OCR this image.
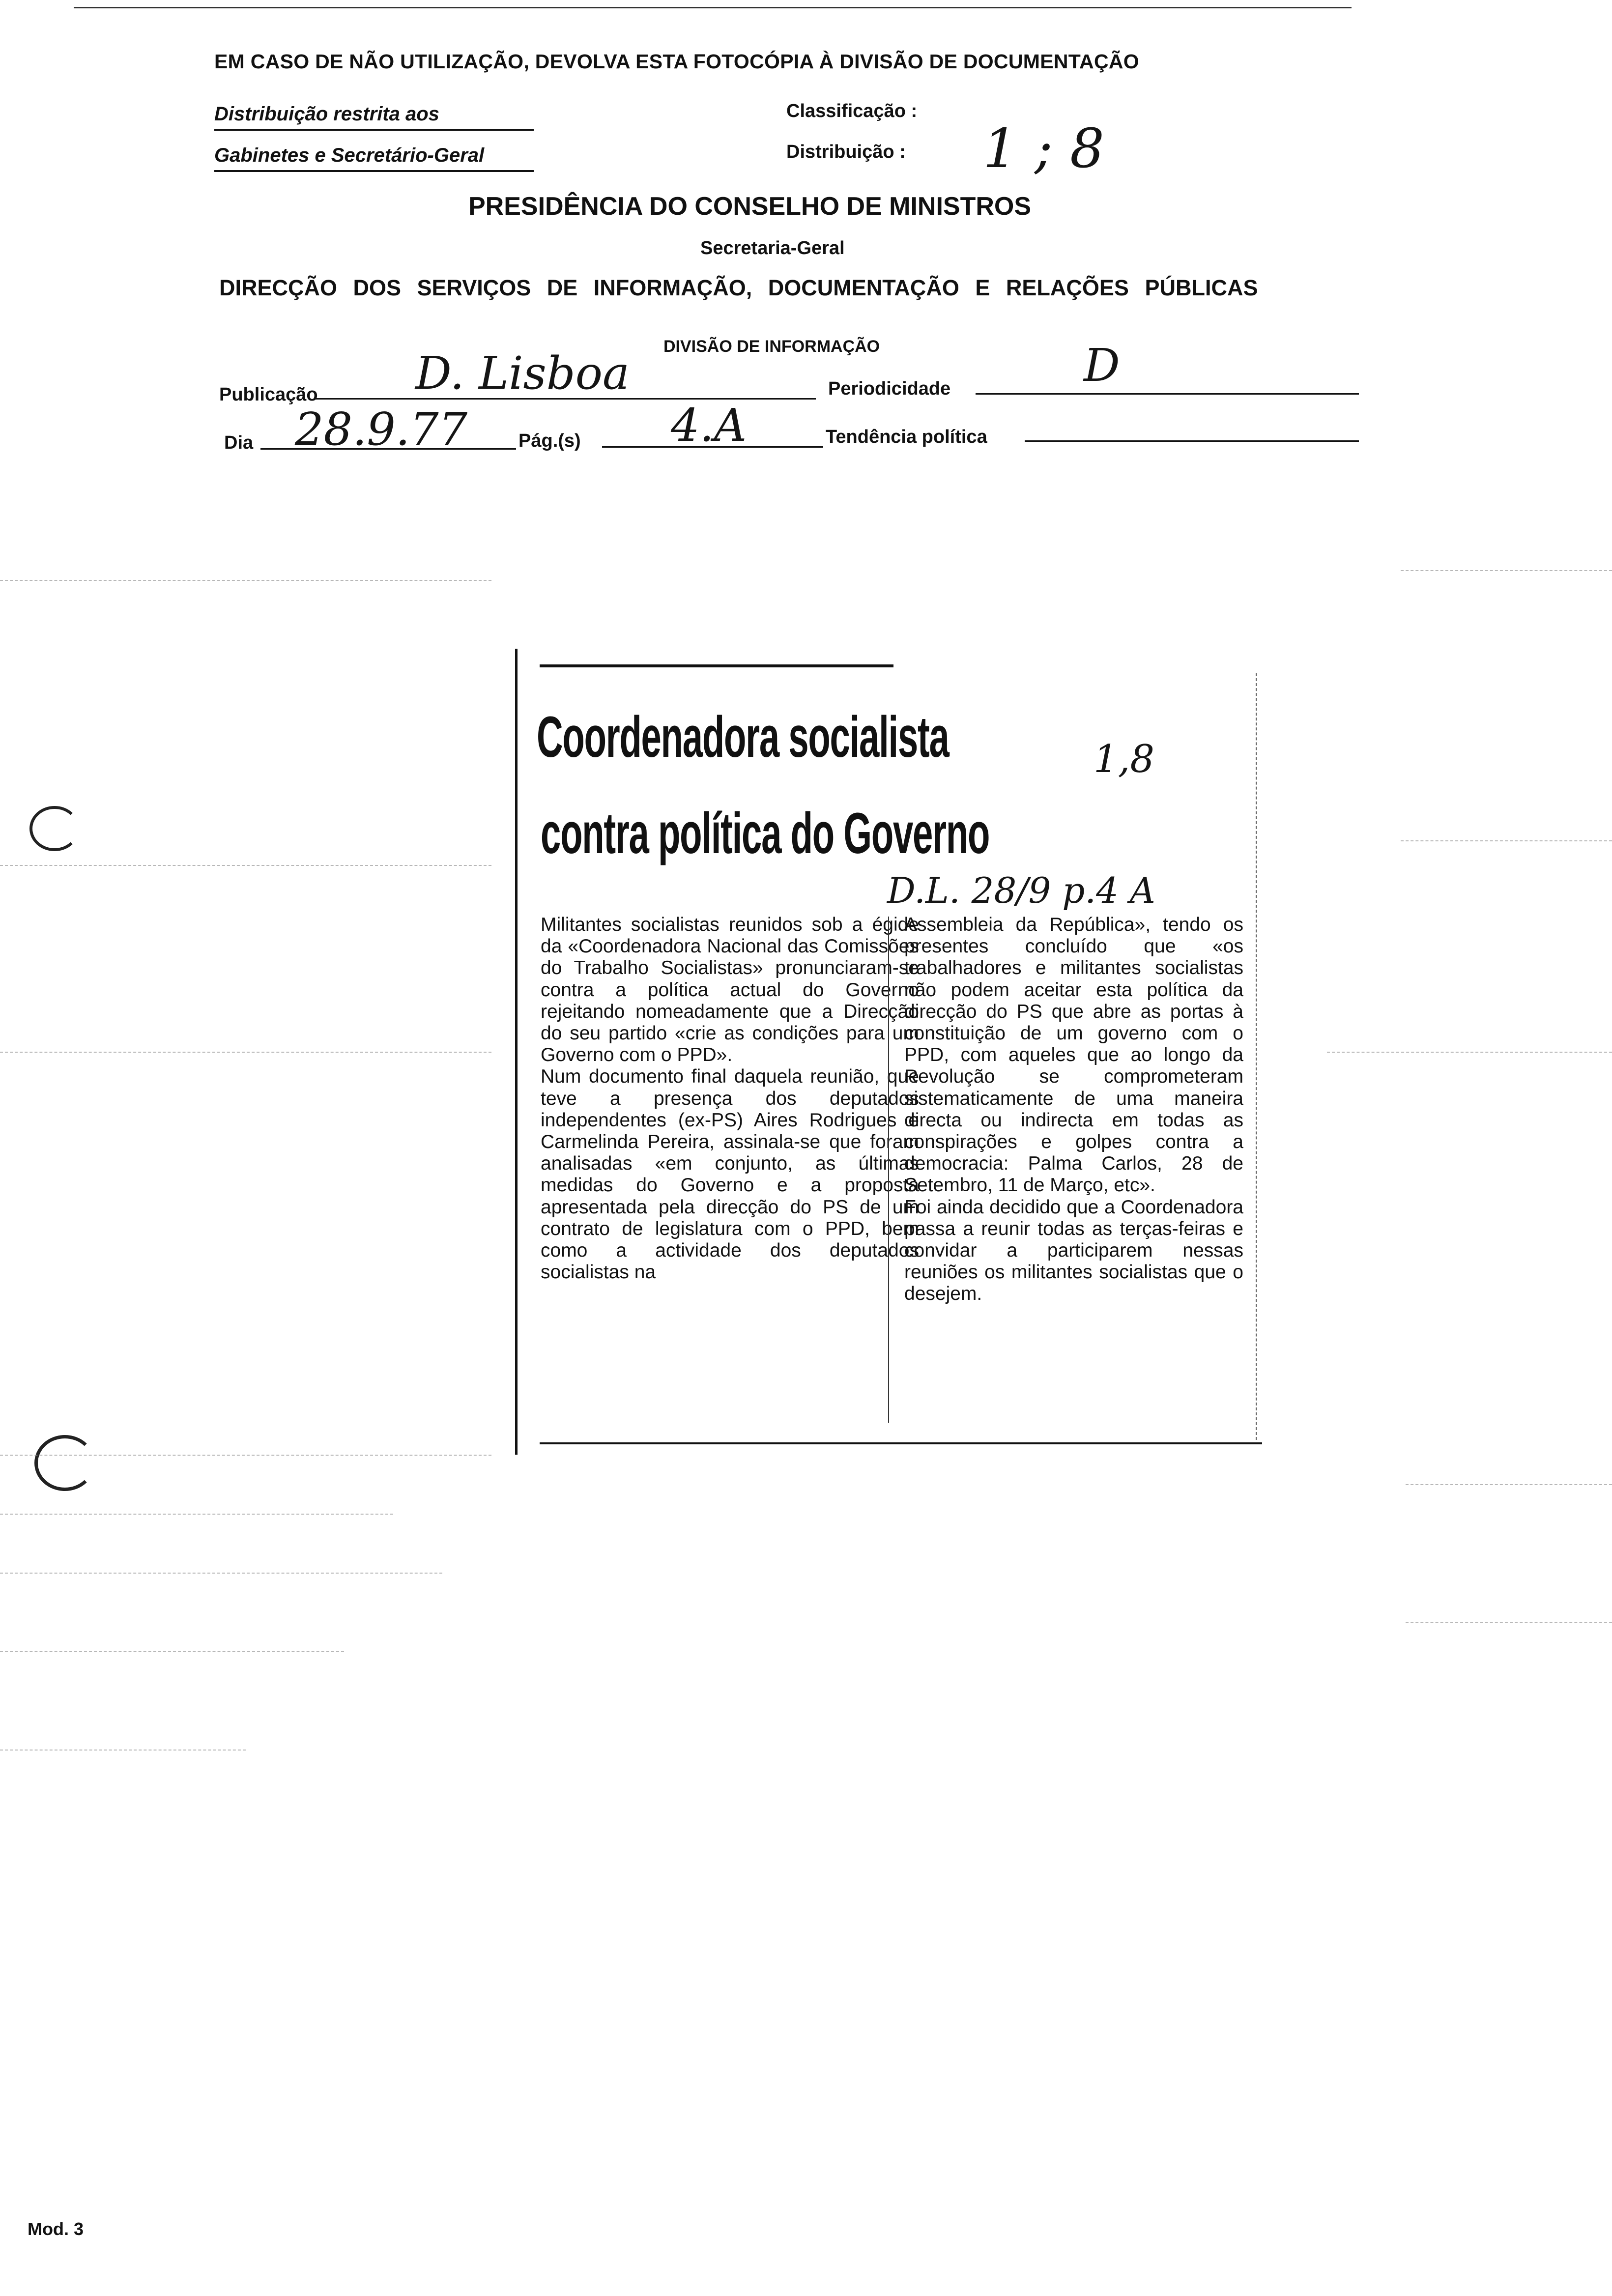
EM CASO DE NÃO UTILIZAÇÃO, DEVOLVA ESTA FOTOCÓPIA À DIVISÃO DE DOCUMENTAÇÃO
Distribuição restrita aos
Gabinetes e Secretário-Geral
Classificação :
Distribuição : 1 ; 8
PRESIDÊNCIA DO CONSELHO DE MINISTROS
Secretaria-Geral
DIRECÇÃO DOS SERVIÇOS DE INFORMAÇÃO, DOCUMENTAÇÃO E RELAÇÕES PÚBLICAS
DIVISÃO DE INFORMAÇÃO
Publicação D. Lisboa	Periodicidade	D
Dia 28.9.77	Pág.(s) 4.A	Tendência política
Coordenadora socialista
contra política do Governo
1,8
D.L. 28/9 p.4 A
Militantes socialistas reunidos sob a égide da «Coordenadora Nacional das Comissões do Trabalho Socialistas» pronunciaram-se contra a política actual do Governo rejeitando nomeadamente que a Direcção do seu partido «crie as condições para um Governo com o PPD».
Num documento final daquela reunião, que teve a presença dos deputados independentes (ex-PS) Aires Rodrigues e Carmelinda Pereira, assinala-se que foram analisadas «em conjunto, as últimas medidas do Governo e a proposta apresentada pela direcção do PS de um contrato de legislatura com o PPD, bem como a actividade dos deputados socialistas na
Assembleia da República», tendo os presentes concluído que «os trabalhadores e militantes socialistas não podem aceitar esta política da direcção do PS que abre as portas à constituição de um governo com o PPD, com aqueles que ao longo da Revolução se comprometeram sistematicamente de uma maneira directa ou indirecta em todas as conspirações e golpes contra a democracia: Palma Carlos, 28 de Setembro, 11 de Março, etc».
Foi ainda decidido que a Coordenadora passa a reunir todas as terças-feiras e convidar a participarem nessas reuniões os militantes socialistas que o desejem.
Mod. 3
